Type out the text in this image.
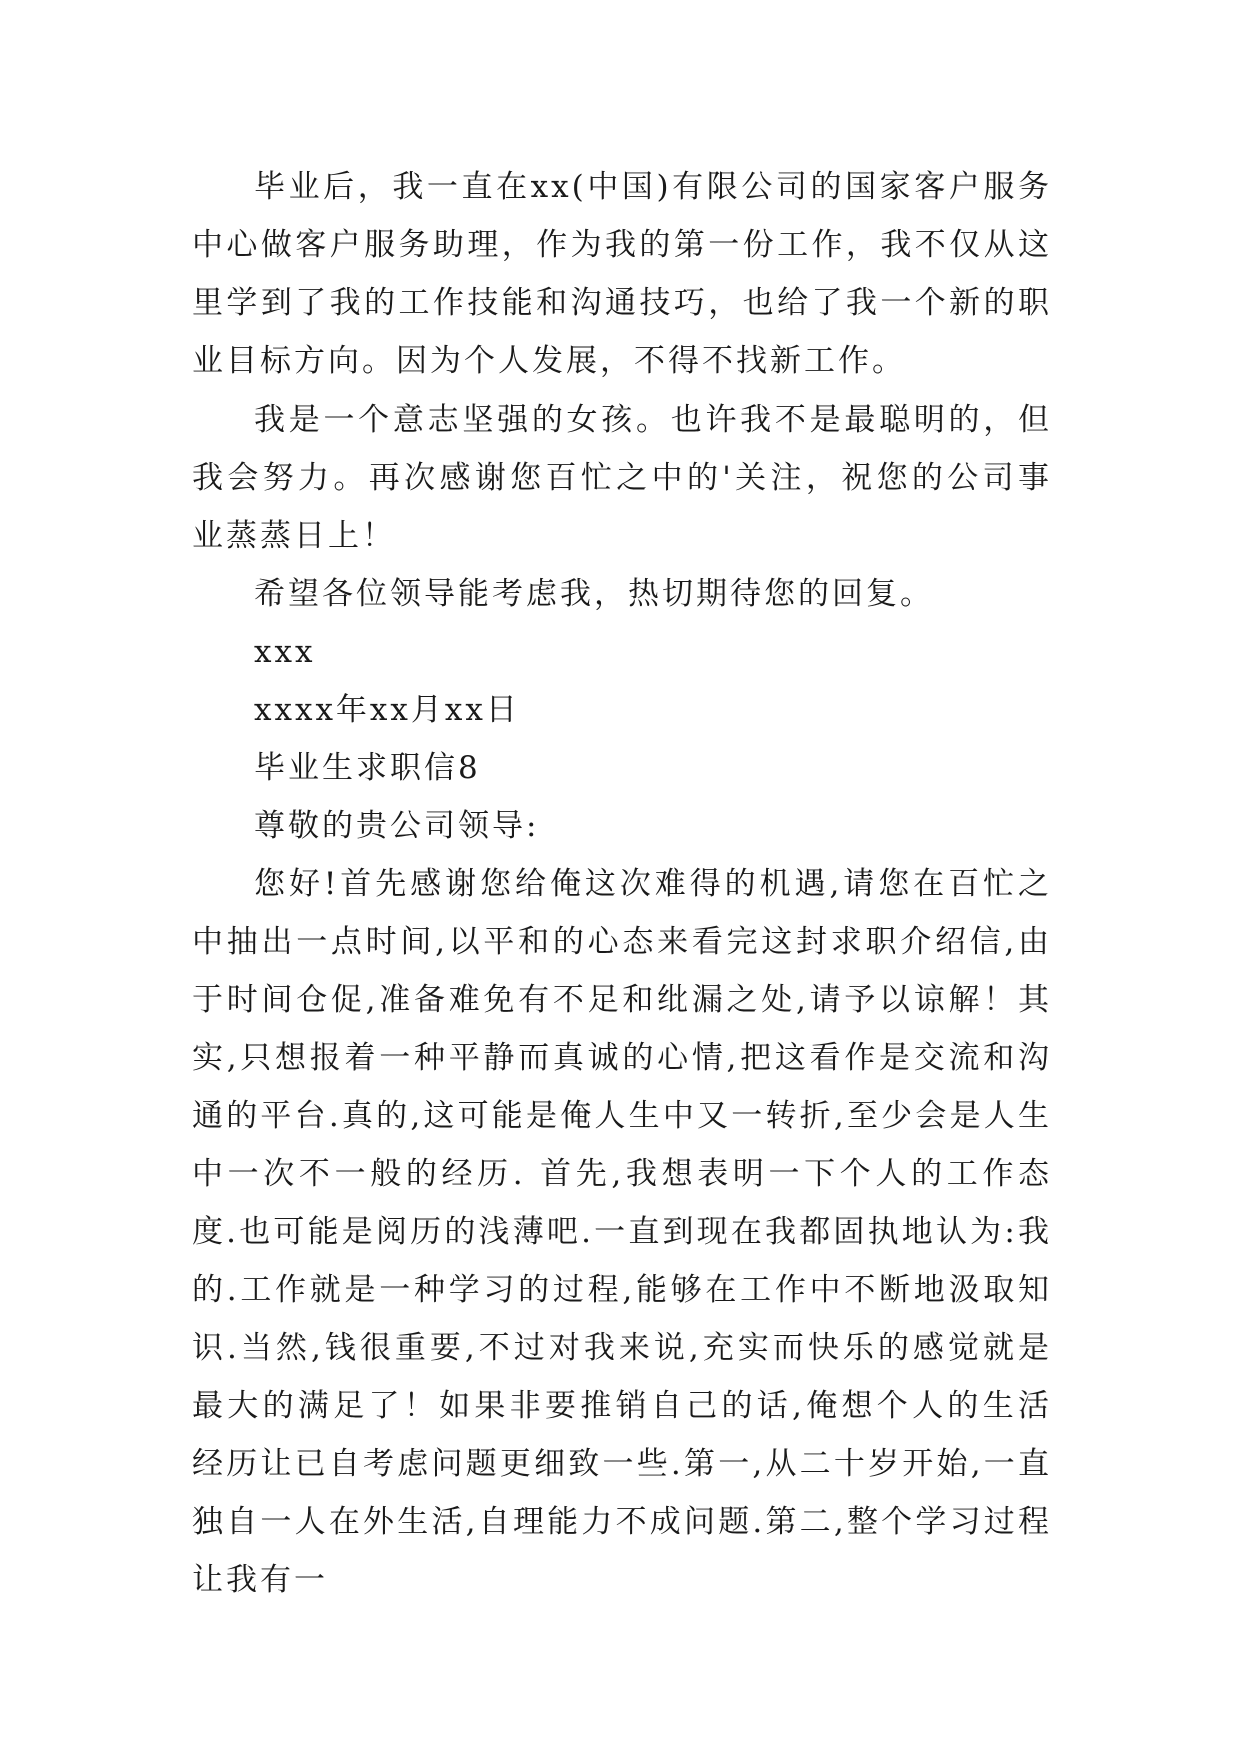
毕业后，我一直在xx(中国)有限公司的国家客户服务中心做客户服务助理，作为我的第一份工作，我不仅从这里学到了我的工作技能和沟通技巧，也给了我一个新的职业目标方向。因为个人发展，不得不找新工作。

我是一个意志坚强的女孩。也许我不是最聪明的，但我会努力。再次感谢您百忙之中的'关注，祝您的公司事业蒸蒸日上！

希望各位领导能考虑我，热切期待您的回复。

xxx

xxxx年xx月xx日

毕业生求职信8

尊敬的贵公司领导:

您好!首先感谢您给俺这次难得的机遇,请您在百忙之中抽出一点时间,以平和的心态来看完这封求职介绍信,由于时间仓促,准备难免有不足和纰漏之处,请予以谅解！其实,只想报着一种平静而真诚的心情,把这看作是交流和沟通的平台.真的,这可能是俺人生中又一转折,至少会是人生中一次不一般的经历. 首先,我想表明一下个人的工作态度.也可能是阅历的浅薄吧.一直到现在我都固执地认为:我的.工作就是一种学习的过程,能够在工作中不断地汲取知识.当然,钱很重要,不过对我来说,充实而快乐的感觉就是最大的满足了！如果非要推销自己的话,俺想个人的生活经历让已自考虑问题更细致一些.第一,从二十岁开始,一直独自一人在外生活,自理能力不成问题.第二,整个学习过程让我有一
